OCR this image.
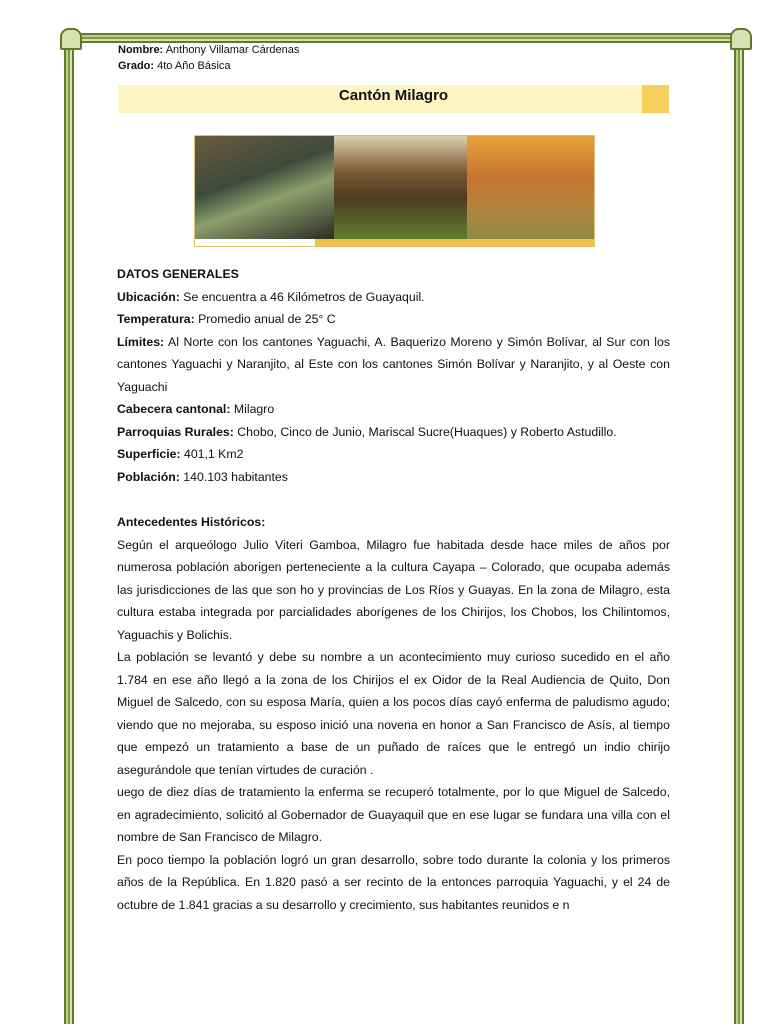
Nombre: Anthony Villamar Cárdenas
Grado: 4to Año Básica
Cantón Milagro

DATOS GENERALES

Ubicación: Se encuentra a 46 Kilómetros de Guayaquil.

Temperatura: Promedio anual de 25° C

Límites: Al Norte con los cantones Yaguachi, A. Baquerizo Moreno y Simón Bolívar, al Sur con los cantones Yaguachi y Naranjito, al Este con los cantones Simón Bolívar y Naranjito, y al Oeste con Yaguachi

Cabecera cantonal: Milagro

Parroquias Rurales: Chobo, Cinco de Junio, Mariscal Sucre(Huaques) y Roberto Astudillo.

Superficie: 401,1 Km2

Población: 140.103 habitantes

Antecedentes Históricos:

Según el arqueólogo Julio Viteri Gamboa, Milagro fue habitada desde hace miles de años por numerosa población aborigen perteneciente a la cultura Cayapa – Colorado, que ocupaba además las jurisdicciones de las que son ho y provincias de Los Ríos y Guayas. En la zona de Milagro, esta cultura estaba integrada por parcialidades aborígenes de los Chirijos, los Chobos, los Chilintomos, Yaguachis y Bolichis.

La población se levantó y debe su nombre a un acontecimiento muy curioso sucedido en el año 1.784 en ese año llegó a la zona de los Chirijos el ex Oidor de la Real Audiencia de Quito, Don Miguel de Salcedo, con su esposa María, quien a los pocos días cayó enferma de paludismo agudo; viendo que no mejoraba, su esposo inició una novena en honor a San Francisco de Asís, al tiempo que empezó un tratamiento a base de un puñado de raíces que le entregó un indio chirijo asegurándole que tenían virtudes de curación .

uego de diez días de tratamiento la enferma se recuperó totalmente, por lo que Miguel de Salcedo, en agradecimiento, solicitó al Gobernador de Guayaquil que en ese lugar se fundara una villa con el nombre de San Francisco de Milagro.

En poco tiempo la población logró un gran desarrollo, sobre todo durante la colonia y los primeros años de la República. En 1.820 pasó a ser recinto de la entonces parroquia Yaguachi, y el 24 de octubre de 1.841 gracias a su desarrollo y crecimiento, sus habitantes reunidos e n
